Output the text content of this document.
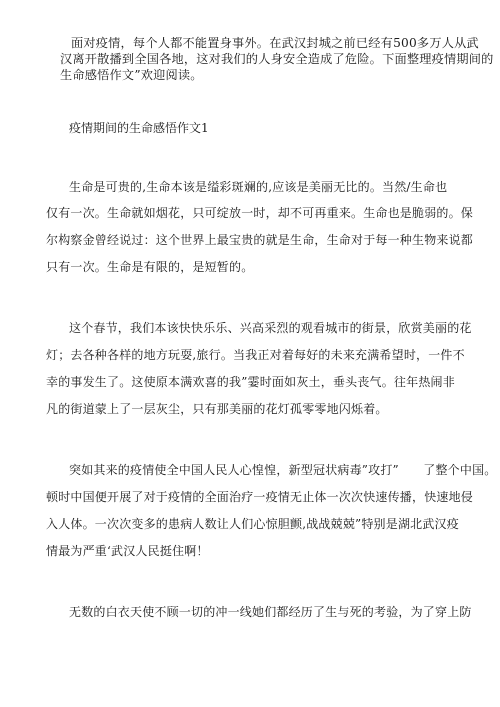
面对疫情，每个人都不能置身事外。在武汉封城之前已经有500多万人从武
汉离开散播到全国各地，这对我们的人身安全造成了危险。下面整理疫情期间的
生命感悟作文”欢迎阅读。
疫情期间的生命感悟作文1
生命是可贵的,生命本该是缢彩斑斓的,应该是美丽无比的。当然/生命也
仅有一次。生命就如烟花，只可绽放一时，却不可再重来。生命也是脆弱的。保
尔构察金曾经说过：这个世界上最宝贵的就是生命，生命对于每一种生物来说都
只有一次。生命是有限的，是短暂的。
这个春节，我们本该快快乐乐、兴高采烈的观看城市的街景，欣赏美丽的花
灯；去各种各样的地方玩耍,旅行。当我正对着每好的未来充满希望时，一件不
幸的事发生了。这使原本满欢喜的我”霎时面如灰土，垂头丧气。往年热闹非
凡的街道蒙上了一层灰尘，只有那美丽的花灯孤零零地闪烁着。
突如其来的疫情使全中国人民人心惶惶，新型冠状病毒”攻打”　　了整个中国。
顿时中国便开展了对于疫情的全面治疗一疫情无止体一次次快速传播，快速地侵
入人体。一次次变多的患病人数让人们心惊胆颤,战战兢兢”特别是湖北武汉疫
情最为严重‘武汉人民挺住啊！
无数的白衣天使不顾一切的冲一线她们都经历了生与死的考验，为了穿上防
